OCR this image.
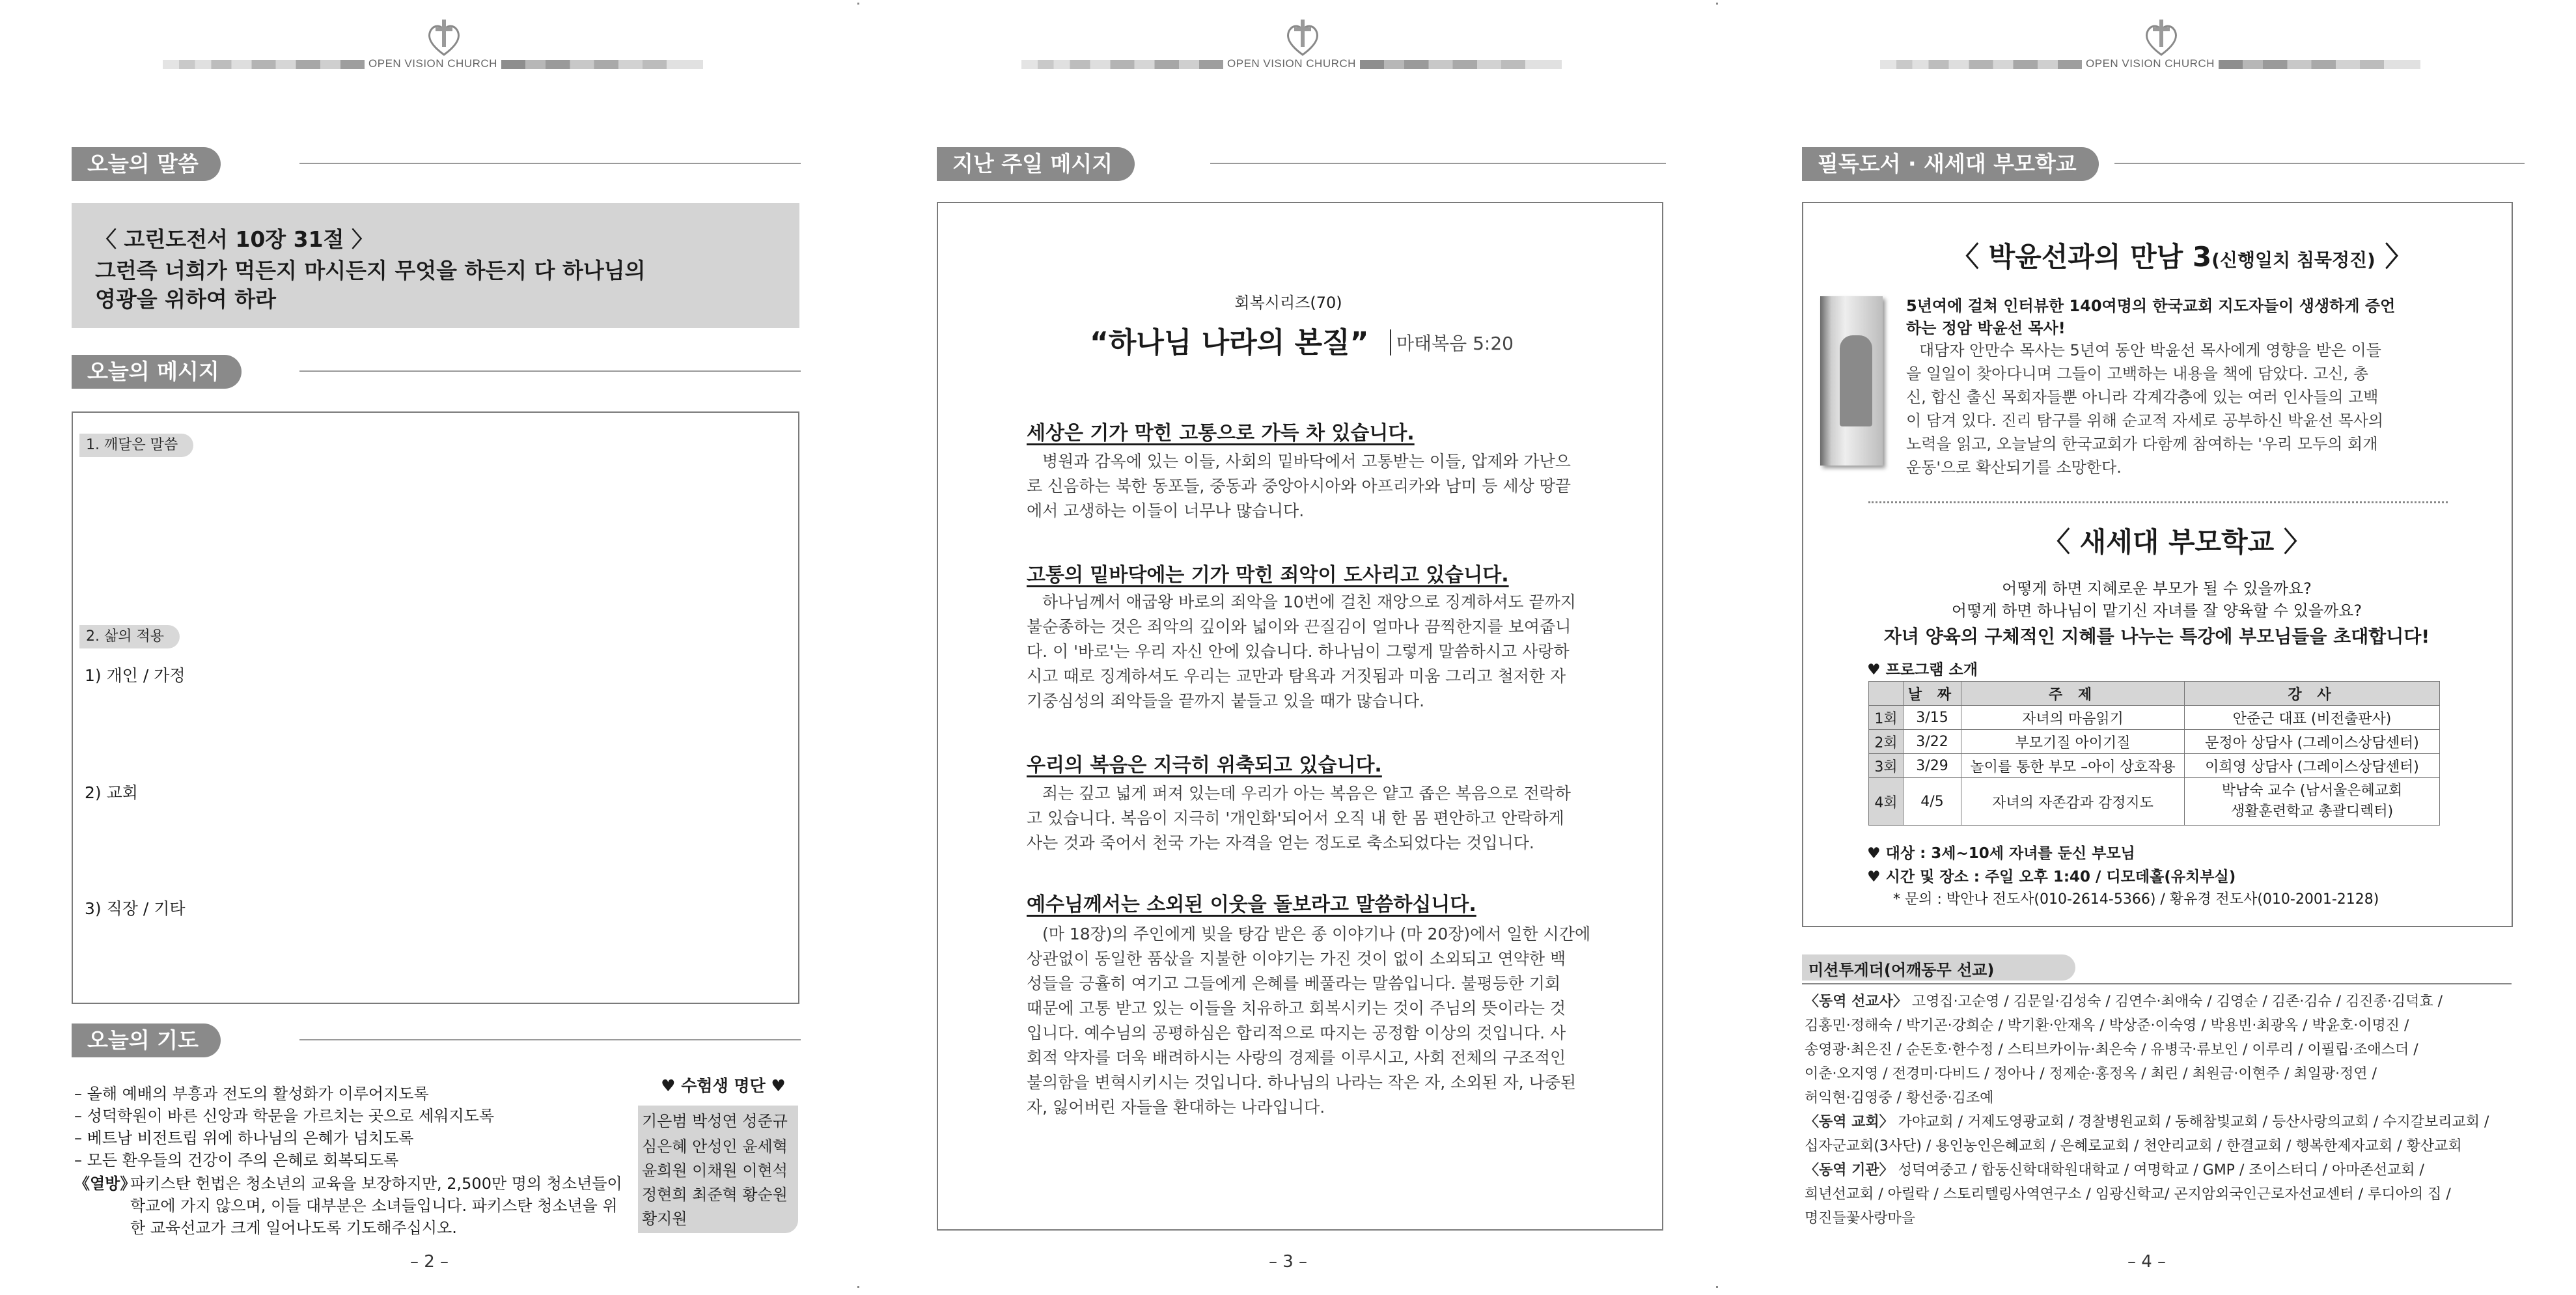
OPEN VISION CHURCH
오늘의 말씀
〈 고린도전서 10장 31절 〉
그런즉 너희가 먹든지 마시든지 무엇을 하든지 다 하나님의
영광을 위하여 하라
오늘의 메시지
1. 깨달은 말씀
2. 삶의 적용
1) 개인 / 가정
2) 교회
3) 직장 / 기타
오늘의 기도
– 올해 예배의 부흥과 전도의 활성화가 이루어지도록
– 성덕학원이 바른 신앙과 학문을 가르치는 곳으로 세워지도록
– 베트남 비전트립 위에 하나님의 은혜가 넘치도록
– 모든 환우들의 건강이 주의 은혜로 회복되도록
《열방》
파키스탄 헌법은 청소년의 교육을 보장하지만, 2,500만 명의 청소년들이
학교에 가지 않으며, 이들 대부분은 소녀들입니다. 파키스탄 청소년을 위
한 교육선교가 크게 일어나도록 기도해주십시오.
♥ 수험생 명단 ♥
기은범 박성연 성준규
심은혜 안성인 윤세혁
윤희원 이채원 이현석
정현희 최준혁 황순원
황지원
– 2 –
OPEN VISION CHURCH
지난 주일 메시지
회복시리즈(70)
“하나님 나라의 본질”	마태복음 5:20
세상은 기가 막힌 고통으로 가득 차 있습니다.
병원과 감옥에 있는 이들, 사회의 밑바닥에서 고통받는 이들, 압제와 가난으
로 신음하는 북한 동포들, 중동과 중앙아시아와 아프리카와 남미 등 세상 땅끝
에서 고생하는 이들이 너무나 많습니다.
고통의 밑바닥에는 기가 막힌 죄악이 도사리고 있습니다.
하나님께서 애굽왕 바로의 죄악을 10번에 걸친 재앙으로 징계하셔도 끝까지
불순종하는 것은 죄악의 깊이와 넓이와 끈질김이 얼마나 끔찍한지를 보여줍니
다. 이 '바로'는 우리 자신 안에 있습니다. 하나님이 그렇게 말씀하시고 사랑하
시고 때로 징계하셔도 우리는 교만과 탐욕과 거짓됨과 미움 그리고 철저한 자
기중심성의 죄악들을 끝까지 붙들고 있을 때가 많습니다.
우리의 복음은 지극히 위축되고 있습니다.
죄는 깊고 넓게 퍼져 있는데 우리가 아는 복음은 얕고 좁은 복음으로 전락하
고 있습니다. 복음이 지극히 '개인화'되어서 오직 내 한 몸 편안하고 안락하게
사는 것과 죽어서 천국 가는 자격을 얻는 정도로 축소되었다는 것입니다.
예수님께서는 소외된 이웃을 돌보라고 말씀하십니다.
(마 18장)의 주인에게 빚을 탕감 받은 종 이야기나 (마 20장)에서 일한 시간에
상관없이 동일한 품삯을 지불한 이야기는 가진 것이 없이 소외되고 연약한 백
성들을 긍휼히 여기고 그들에게 은혜를 베풀라는 말씀입니다. 불평등한 기회
때문에 고통 받고 있는 이들을 치유하고 회복시키는 것이 주님의 뜻이라는 것
입니다. 예수님의 공평하심은 합리적으로 따지는 공정함 이상의 것입니다. 사
회적 약자를 더욱 배려하시는 사랑의 경제를 이루시고, 사회 전체의 구조적인
불의함을 변혁시키시는 것입니다. 하나님의 나라는 작은 자, 소외된 자, 나중된
자, 잃어버린 자들을 환대하는 나라입니다.
– 3 –
OPEN VISION CHURCH
필독도서 · 새세대 부모학교
〈 박윤선과의 만남 3(신행일치 침묵정진) 〉
5년여에 걸쳐 인터뷰한 140여명의 한국교회 지도자들이 생생하게 증언
하는 정암 박윤선 목사!
대담자 안만수 목사는 5년여 동안 박윤선 목사에게 영향을 받은 이들
을 일일이 찾아다니며 그들이 고백하는 내용을 책에 담았다. 고신, 총
신, 합신 출신 목회자들뿐 아니라 각계각층에 있는 여러 인사들의 고백
이 담겨 있다. 진리 탐구를 위해 순교적 자세로 공부하신 박윤선 목사의
노력을 읽고, 오늘날의 한국교회가 다함께 참여하는 '우리 모두의 회개
운동'으로 확산되기를 소망한다.
〈 새세대 부모학교 〉
어떻게 하면 지혜로운 부모가 될 수 있을까요?
어떻게 하면 하나님이 맡기신 자녀를 잘 양육할 수 있을까요?
자녀 양육의 구체적인 지혜를 나누는 특강에 부모님들을 초대합니다!
♥ 프로그램 소개
	날 짜	주 제	강 사
1회	3/15	자녀의 마음읽기	안준근 대표 (비전출판사)
2회	3/22	부모기질 아이기질	문정아 상담사 (그레이스상담센터)
3회	3/29	놀이를 통한 부모 –아이 상호작용	이희영 상담사 (그레이스상담센터)
4회	4/5	자녀의 자존감과 감정지도	박남숙 교수 (남서울은혜교회
생활훈련학교 총괄디렉터)
♥ 대상 : 3세~10세 자녀를 둔신 부모님
♥ 시간 및 장소 : 주일 오후 1:40 / 디모데홀(유치부실)
* 문의 : 박안나 전도사(010-2614-5366) / 황유경 전도사(010-2001-2128)
미션투게더(어깨동무 선교)
〈동역 선교사〉 고영집·고순영 / 김문일·김성숙 / 김연수·최애숙 / 김영순 / 김존·김슈 / 김진종·김덕효 /
김홍민·정해숙 / 박기곤·강희순 / 박기환·안재옥 / 박상준·이숙영 / 박용빈·최광옥 / 박윤호·이명진 /
송영광·최은진 / 순돈호·한수정 / 스티브카이뉴·최은숙 / 유병국·류보인 / 이루리 / 이필립·조애스더 /
이춘·오지영 / 전경미·다비드 / 정아나 / 정제순·홍정옥 / 최린 / 최원금·이현주 / 최일광·정연 /
허익현·김영중 / 황선중·김조예
〈동역 교회〉 가야교회 / 거제도영광교회 / 경찰병원교회 / 동해참빛교회 / 등산사랑의교회 / 수지갈보리교회 /
십자군교회(3사단) / 용인농인은혜교회 / 은혜로교회 / 천안리교회 / 한결교회 / 행복한제자교회 / 황산교회
〈동역 기관〉 성덕여중고 / 합동신학대학원대학교 / 여명학교 / GMP / 조이스터디 / 아마존선교회 /
희년선교회 / 아릴락 / 스토리텔링사역연구소 / 임광신학교/ 곤지암외국인근로자선교센터 / 루디아의 집 /
명진들꽃사랑마을
– 4 –
